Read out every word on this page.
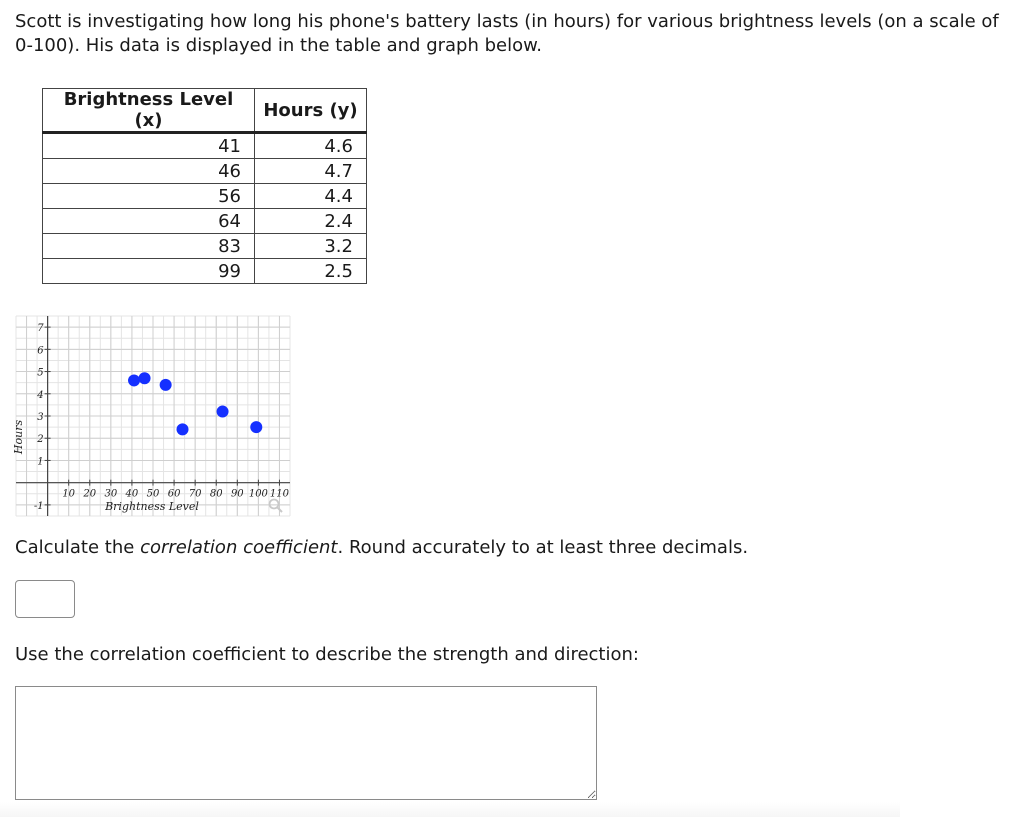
Scott is investigating how long his phone's battery lasts (in hours) for various brightness levels (on a scale of 0-100). His data is displayed in the table and graph below.
Brightness Level (x)	Hours (y)
41	4.6
46	4.7
56	4.4
64	2.4
83	3.2
99	2.5
10 20 30 40 50 60 70 80 90 100 110
-1
1
2
3
4
5
6
7
Brightness Level
Hours
Calculate the correlation coefficient. Round accurately to at least three decimals.
Use the correlation coefficient to describe the strength and direction:
